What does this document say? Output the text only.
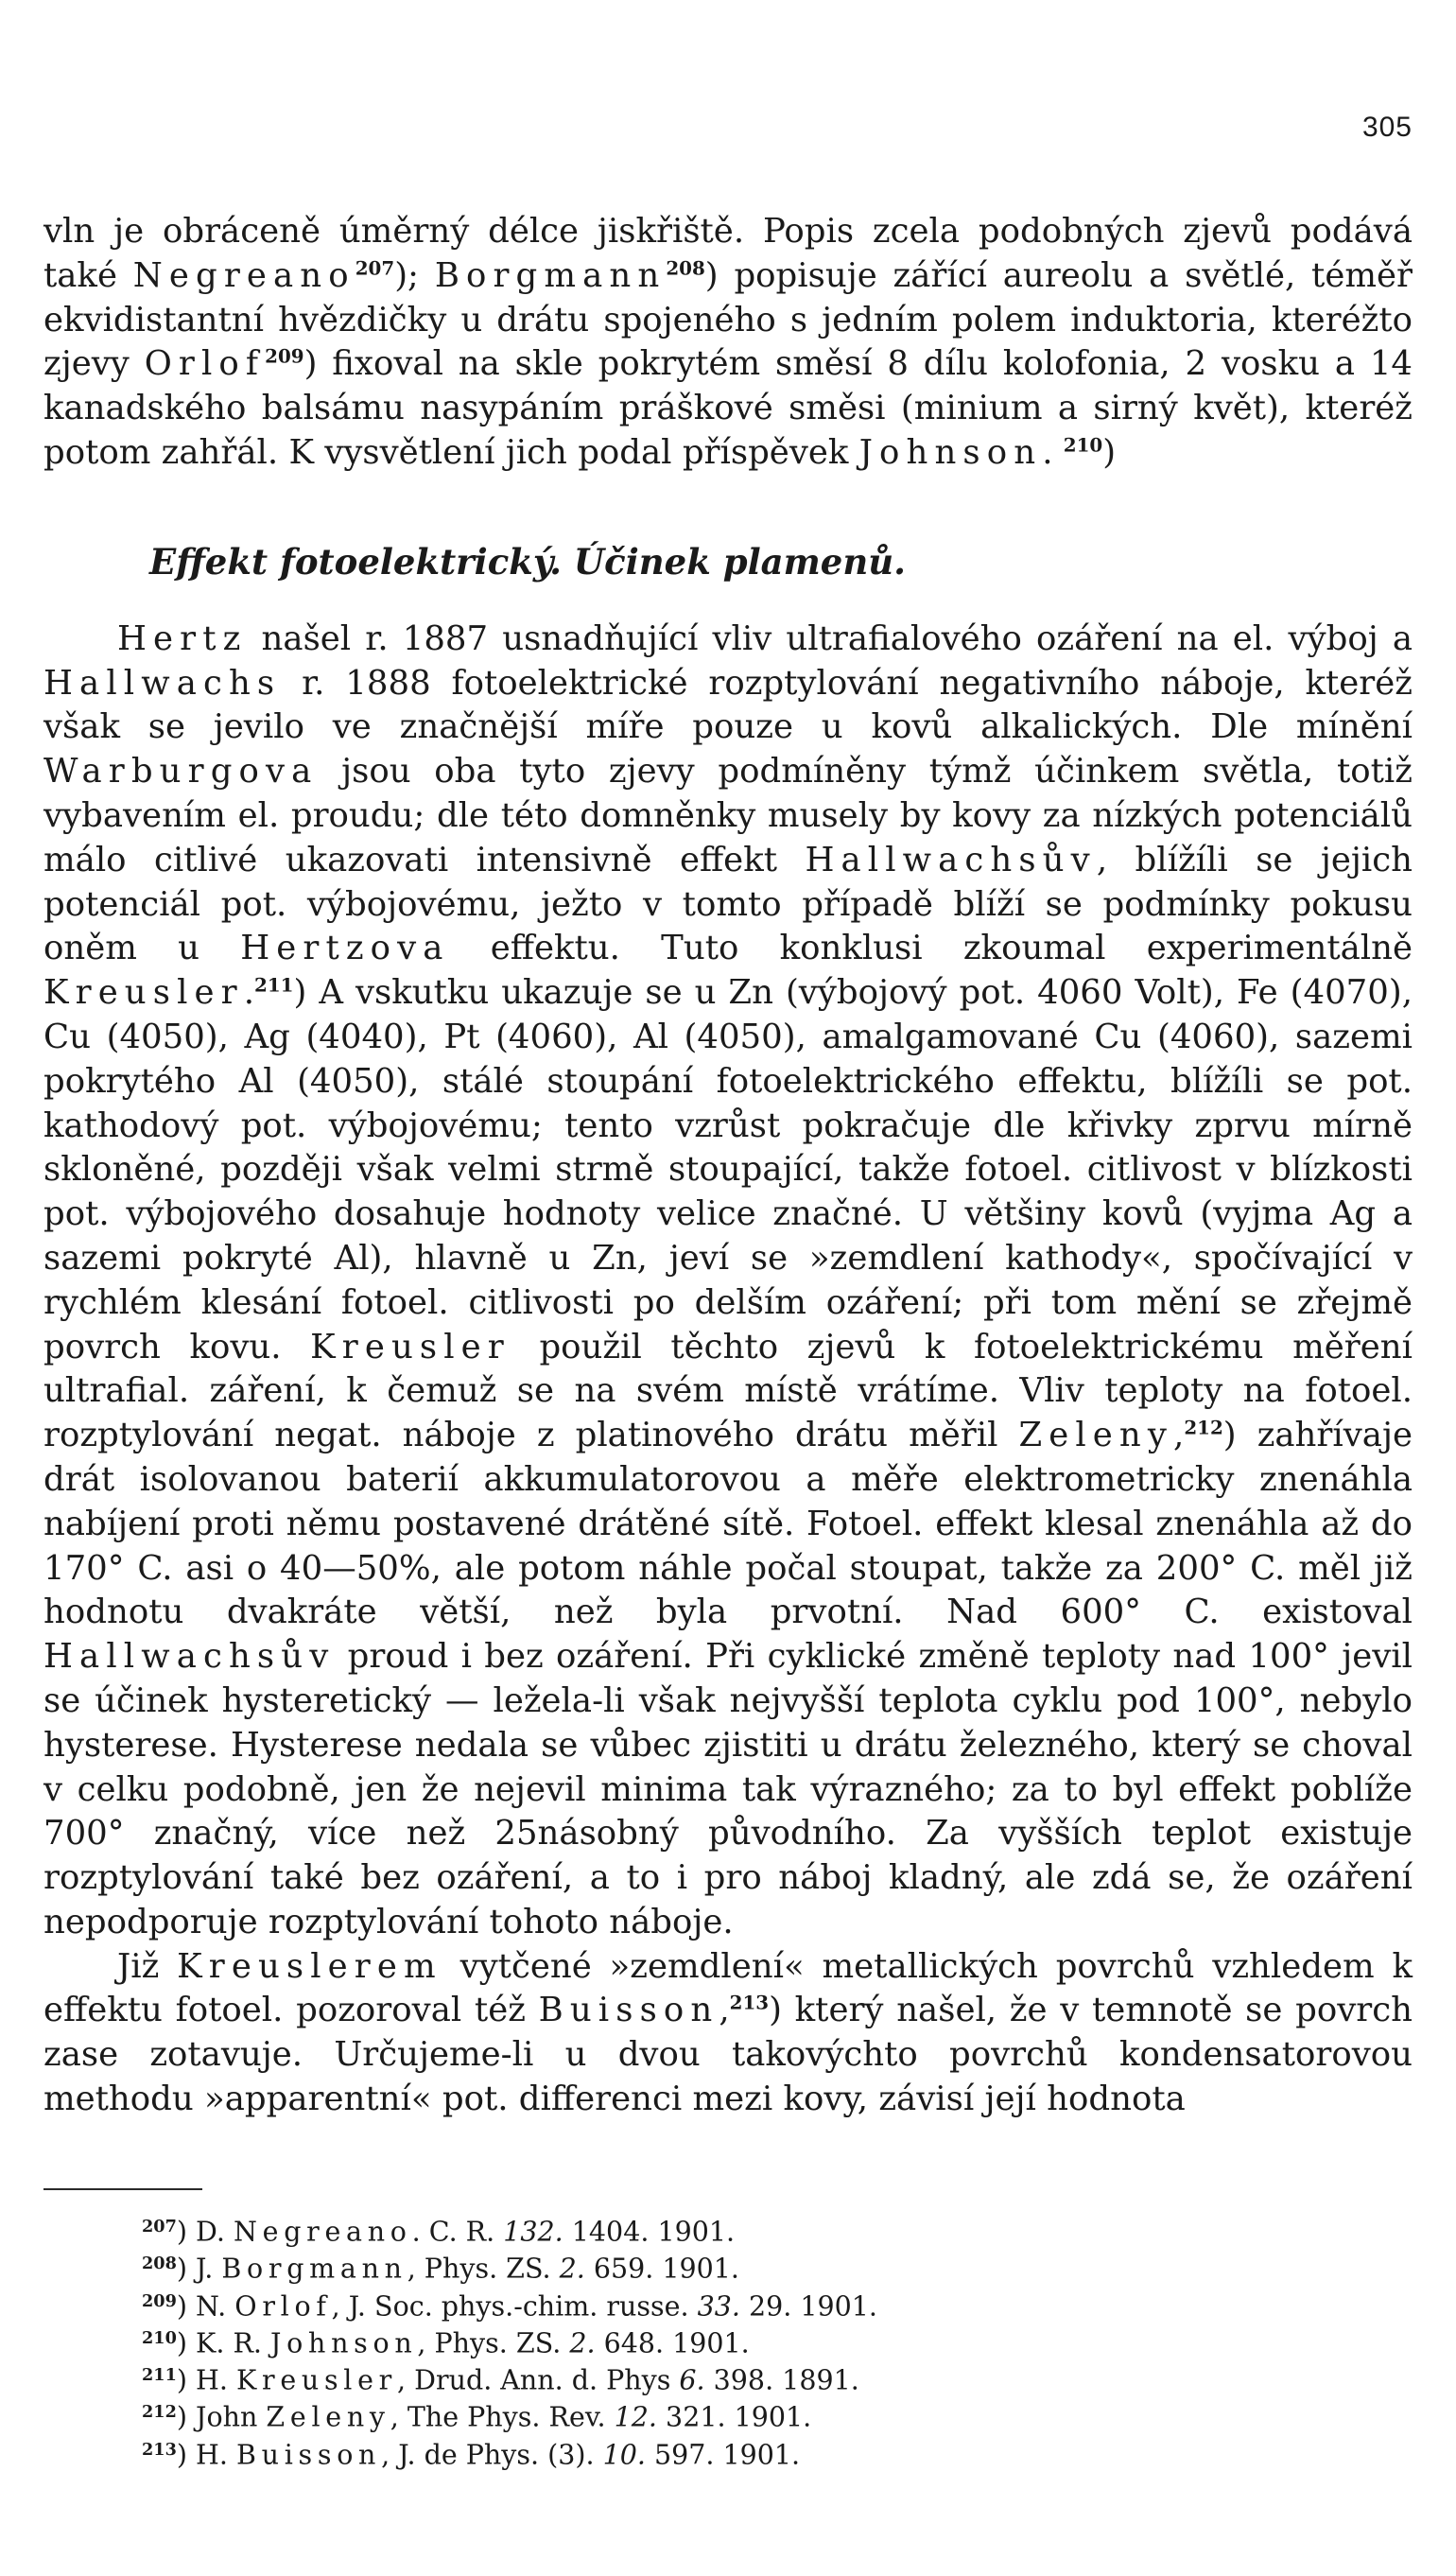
305

vln je obráceně úměrný délce jiskřiště. Popis zcela podobných zjevů podává také Negreano$^{207}$); Borgmann$^{208}$) popisuje zářící aureolu a světlé, téměř ekvidistantní hvězdičky u drátu spojeného s jedním polem induktoria, kteréžto zjevy Orlof$^{209}$) fixoval na skle pokrytém směsí 8 dílu kolofonia, 2 vosku a 14 kanadského balsámu nasypáním práškové směsi (minium a sirný květ), kteréž potom zahřál. K vysvětlení jich podal příspěvek Johnson. $^{210}$)

Effekt fotoelektrický. Účinek plamenů.

Hertz našel r. 1887 usnadňující vliv ultrafialového ozáření na el. výboj a Hallwachs r. 1888 fotoelektrické rozptylování negativního náboje, kteréž však se jevilo ve značnější míře pouze u kovů alkalických. Dle mínění Warburgova jsou oba tyto zjevy podmíněny týmž účinkem světla, totiž vybavením el. proudu; dle této domněnky musely by kovy za nízkých potenciálů málo citlivé ukazovati intensivně effekt Hallwachsův, blížíli se jejich potenciál pot. výbojovému, ježto v tomto případě blíží se podmínky pokusu oněm u Hertzova effektu. Tuto konklusi zkoumal experimentálně Kreusler.$^{211}$) A vskutku ukazuje se u Zn (výbojový pot. 4060 Volt), Fe (4070), Cu (4050), Ag (4040), Pt (4060), Al (4050), amalgamované Cu (4060), sazemi pokrytého Al (4050), stálé stoupání fotoelektrického effektu, blížíli se pot. kathodový pot. výbojovému; tento vzrůst pokračuje dle křivky zprvu mírně skloněné, později však velmi strmě stoupající, takže fotoel. citlivost v blízkosti pot. výbojového dosahuje hodnoty velice značné. U většiny kovů (vyjma Ag a sazemi pokryté Al), hlavně u Zn, jeví se »zemdlení kathody«, spočívající v rychlém klesání fotoel. citlivosti po delším ozáření; při tom mění se zřejmě povrch kovu. Kreusler použil těchto zjevů k fotoelektrickému měření ultrafial. záření, k čemuž se na svém místě vrátíme. Vliv teploty na fotoel. rozptylování negat. náboje z platinového drátu měřil Zeleny,$^{212}$) zahřívaje drát isolovanou baterií akkumulatorovou a měře elektrometricky znenáhla nabíjení proti němu postavené drátěné sítě. Fotoel. effekt klesal znenáhla až do 170° C. asi o 40—50%, ale potom náhle počal stoupat, takže za 200° C. měl již hodnotu dvakráte větší, než byla prvotní. Nad 600° C. existoval Hallwachsův proud i bez ozáření. Při cyklické změně teploty nad 100° jevil se účinek hysteretický — ležela-li však nejvyšší teplota cyklu pod 100°, nebylo hysterese. Hysterese nedala se vůbec zjistiti u drátu železného, který se choval v celku podobně, jen že nejevil minima tak výrazného; za to byl effekt poblíže 700° značný, více než 25násobný původního. Za vyšších teplot existuje rozptylování také bez ozáření, a to i pro náboj kladný, ale zdá se, že ozáření nepodporuje rozptylování tohoto náboje.

Již Kreuslerem vytčené »zemdlení« metallických povrchů vzhledem k effektu fotoel. pozoroval též Buisson,$^{213}$) který našel, že v temnotě se povrch zase zotavuje. Určujeme-li u dvou takovýchto povrchů kondensatorovou methodu »apparentní« pot. differenci mezi kovy, závisí její hodnota

$^{207}$) D. Negreano. C. R. 132. 1404. 1901.

$^{208}$) J. Borgmann, Phys. ZS. 2. 659. 1901.

$^{209}$) N. Orlof, J. Soc. phys.-chim. russe. 33. 29. 1901.

$^{210}$) K. R. Johnson, Phys. ZS. 2. 648. 1901.

$^{211}$) H. Kreusler, Drud. Ann. d. Phys 6. 398. 1891.

$^{212}$) John Zeleny, The Phys. Rev. 12. 321. 1901.

$^{213}$) H. Buisson, J. de Phys. (3). 10. 597. 1901.
